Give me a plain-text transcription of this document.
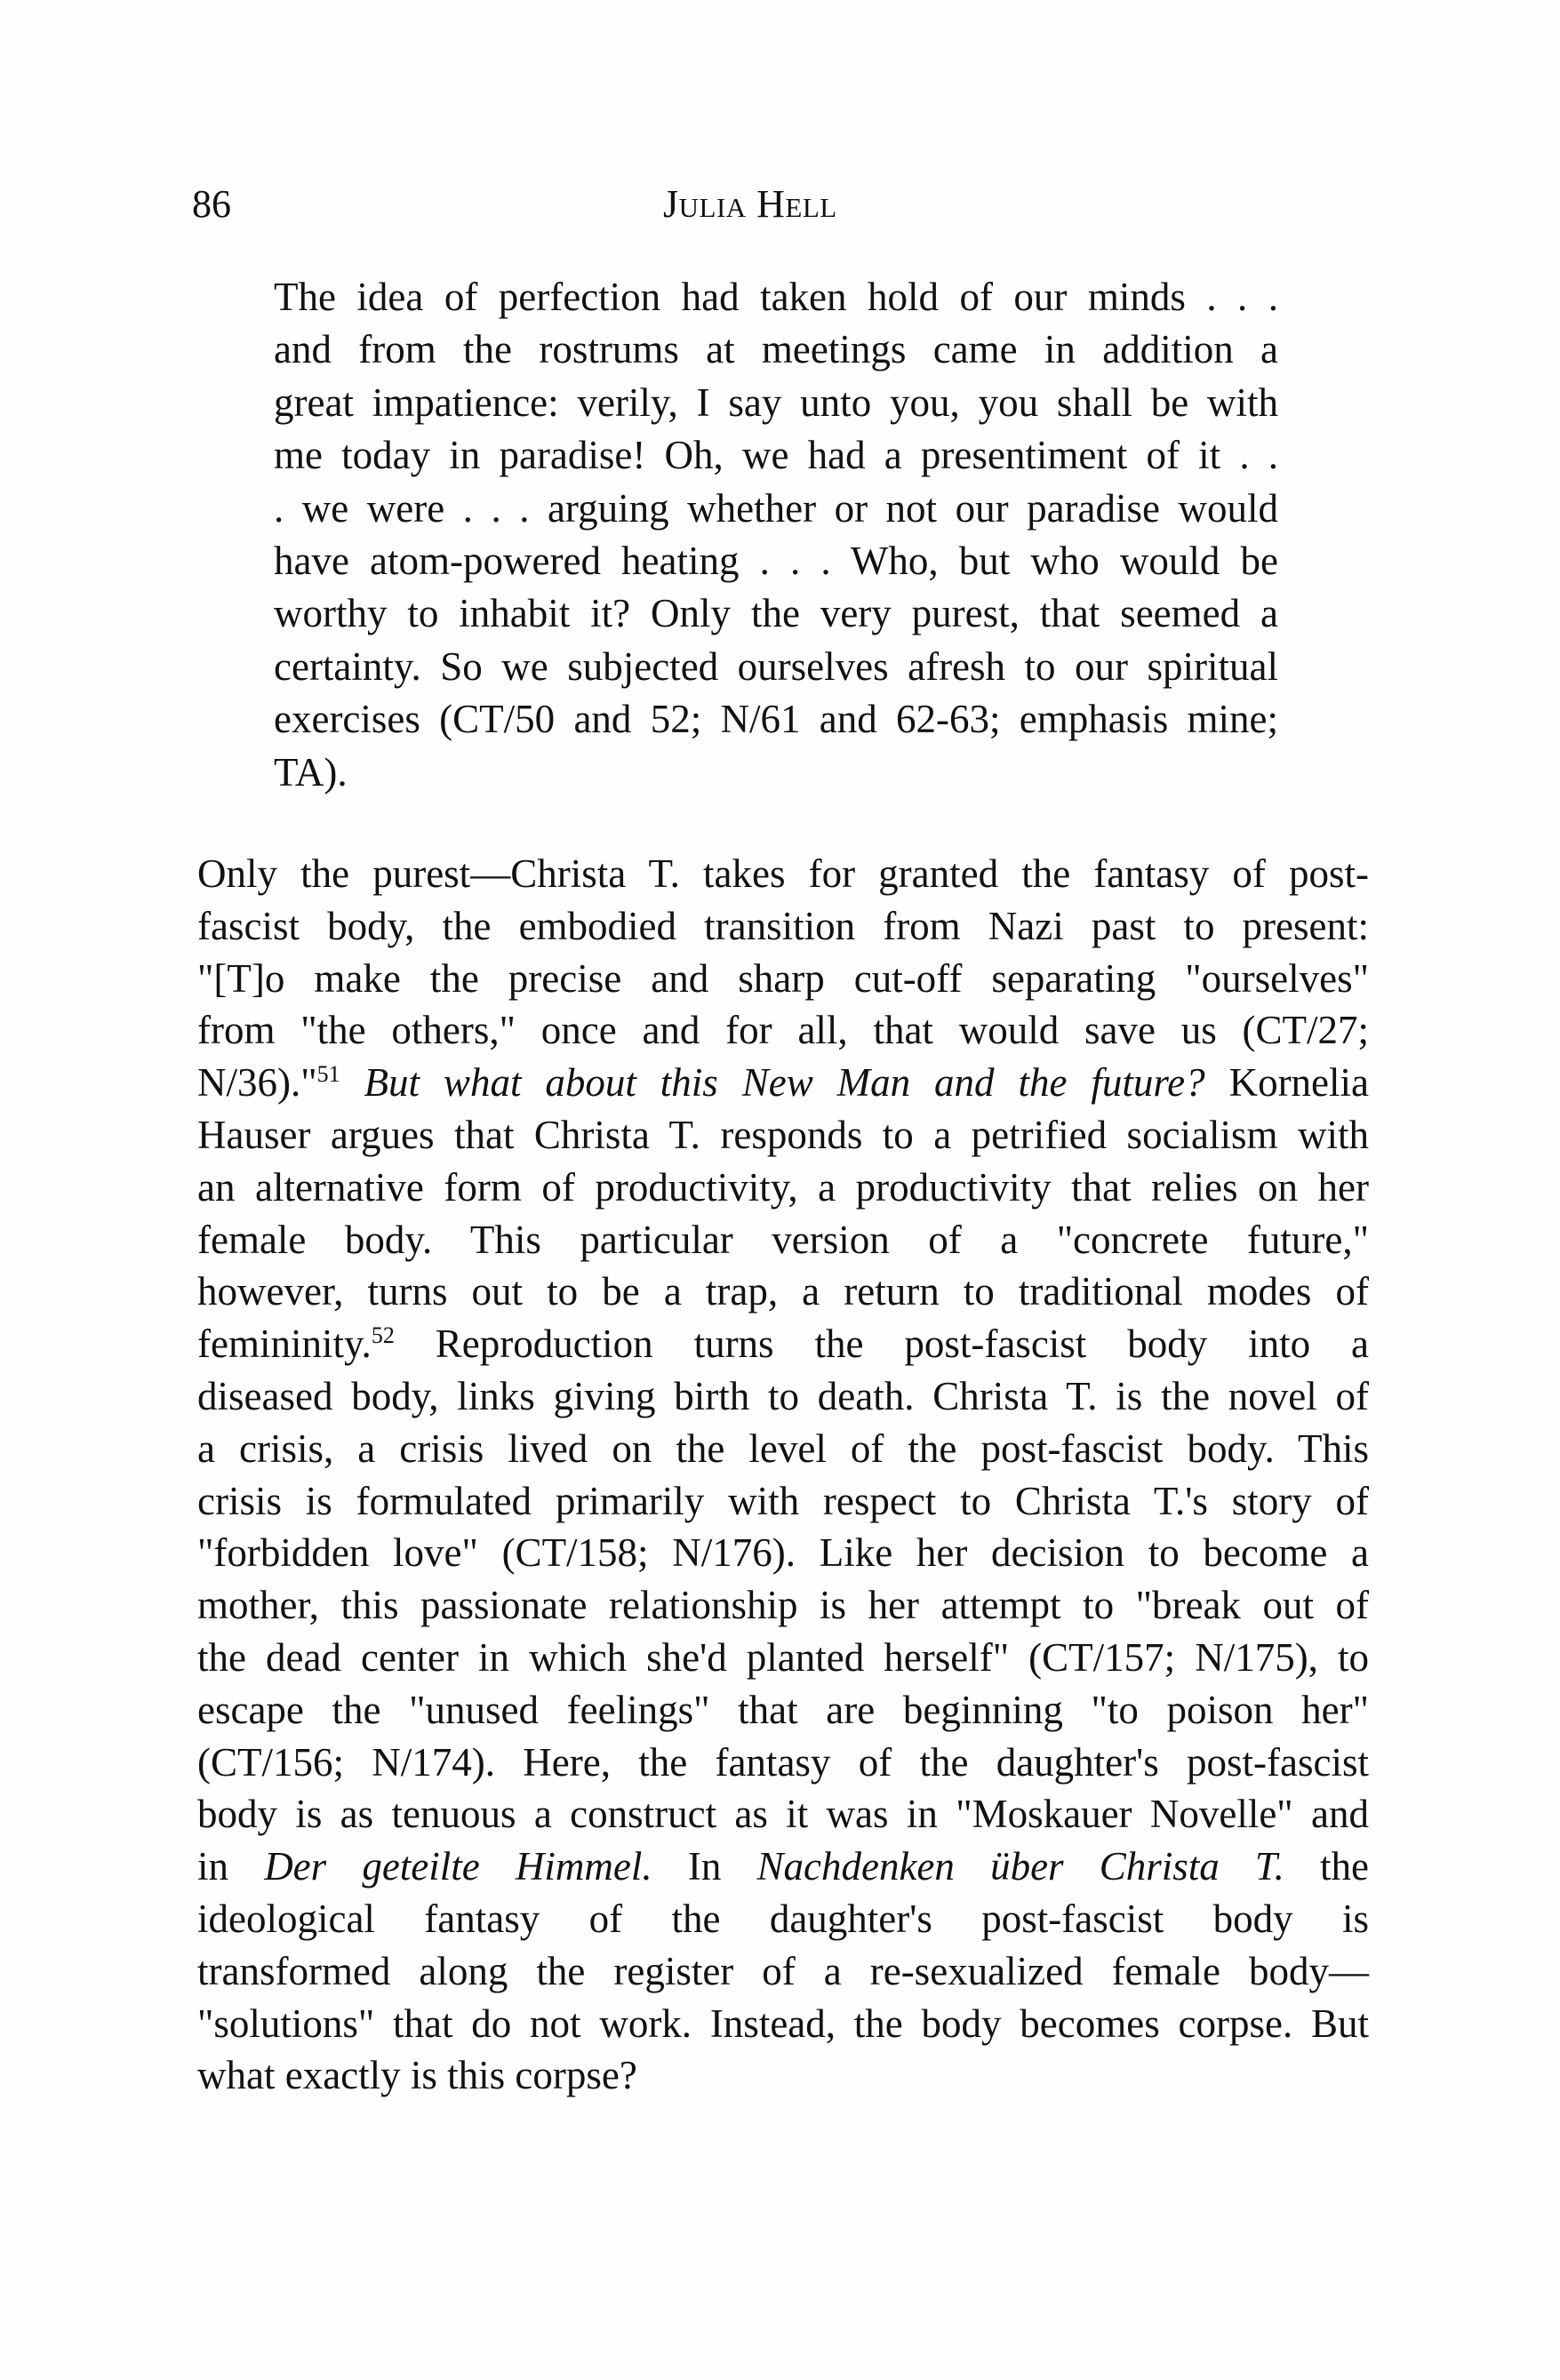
86	Julia Hell
The idea of perfection had taken hold of our minds . . .
and from the rostrums at meetings came in addition a
great impatience: verily, I say unto you, you shall be with
me today in paradise! Oh, we had a presentiment of it . .
. we were . . . arguing whether or not our paradise would
have atom-powered heating . . . Who, but who would be
worthy to inhabit it? Only the very purest, that seemed a
certainty. So we subjected ourselves afresh to our spiritual
exercises (CT/50 and 52; N/61 and 62-63; emphasis mine;
TA).
Only the purest—Christa T. takes for granted the fantasy of post-
fascist body, the embodied transition from Nazi past to present:
"[T]o make the precise and sharp cut-off separating "ourselves"
from "the others," once and for all, that would save us (CT/27;
N/36)."$^{51}$ But what about this New Man and the future? Kornelia
Hauser argues that Christa T. responds to a petrified socialism with
an alternative form of productivity, a productivity that relies on her
female body. This particular version of a "concrete future,"
however, turns out to be a trap, a return to traditional modes of
femininity.$^{52}$ Reproduction turns the post-fascist body into a
diseased body, links giving birth to death. Christa T. is the novel of
a crisis, a crisis lived on the level of the post-fascist body. This
crisis is formulated primarily with respect to Christa T.'s story of
"forbidden love" (CT/158; N/176). Like her decision to become a
mother, this passionate relationship is her attempt to "break out of
the dead center in which she'd planted herself" (CT/157; N/175), to
escape the "unused feelings" that are beginning "to poison her"
(CT/156; N/174). Here, the fantasy of the daughter's post-fascist
body is as tenuous a construct as it was in "Moskauer Novelle" and
in Der geteilte Himmel. In Nachdenken über Christa T. the
ideological fantasy of the daughter's post-fascist body is
transformed along the register of a re-sexualized female body—
"solutions" that do not work. Instead, the body becomes corpse. But
what exactly is this corpse?
